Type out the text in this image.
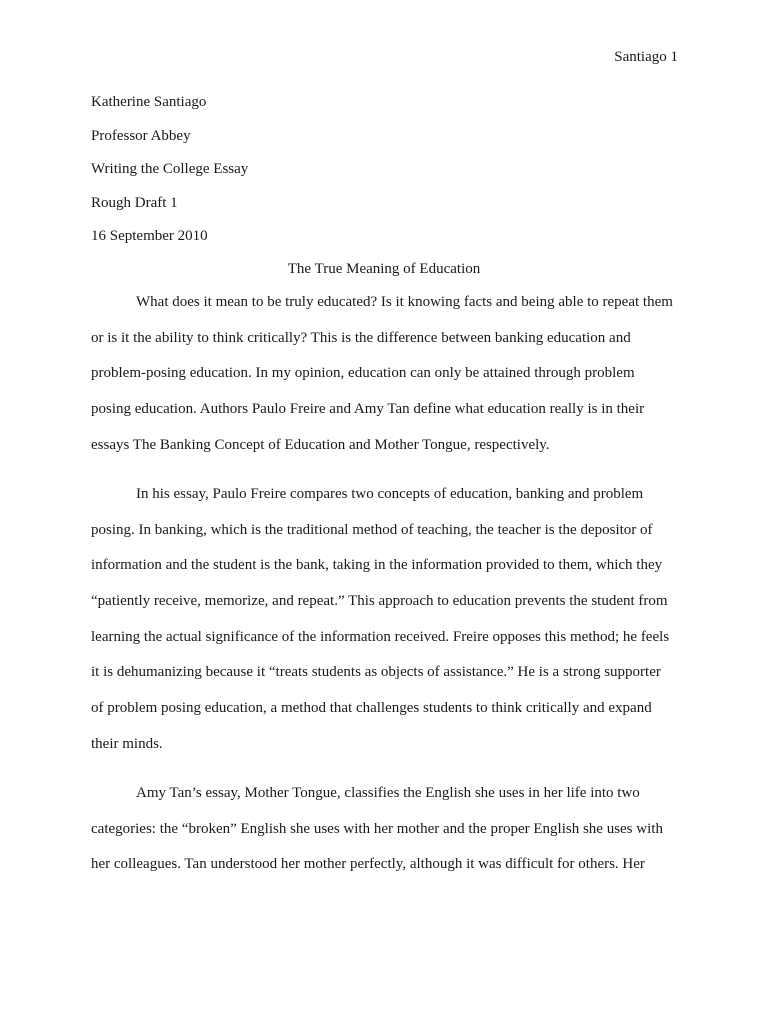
Santiago 1
Katherine Santiago
Professor Abbey
Writing the College Essay
Rough Draft 1
16 September 2010
The True Meaning of Education
What does it mean to be truly educated? Is it knowing facts and being able to repeat them
or is it the ability to think critically? This is the difference between banking education and
problem-posing education. In my opinion, education can only be attained through problem
posing education. Authors Paulo Freire and Amy Tan define what education really is in their
essays The Banking Concept of Education and Mother Tongue, respectively.
In his essay, Paulo Freire compares two concepts of education, banking and problem
posing. In banking, which is the traditional method of teaching, the teacher is the depositor of
information and the student is the bank, taking in the information provided to them, which they
“patiently receive, memorize, and repeat.” This approach to education prevents the student from
learning the actual significance of the information received. Freire opposes this method; he feels
it is dehumanizing because it “treats students as objects of assistance.” He is a strong supporter
of problem posing education, a method that challenges students to think critically and expand
their minds.
Amy Tan’s essay, Mother Tongue, classifies the English she uses in her life into two
categories: the “broken” English she uses with her mother and the proper English she uses with
her colleagues. Tan understood her mother perfectly, although it was difficult for others. Her
